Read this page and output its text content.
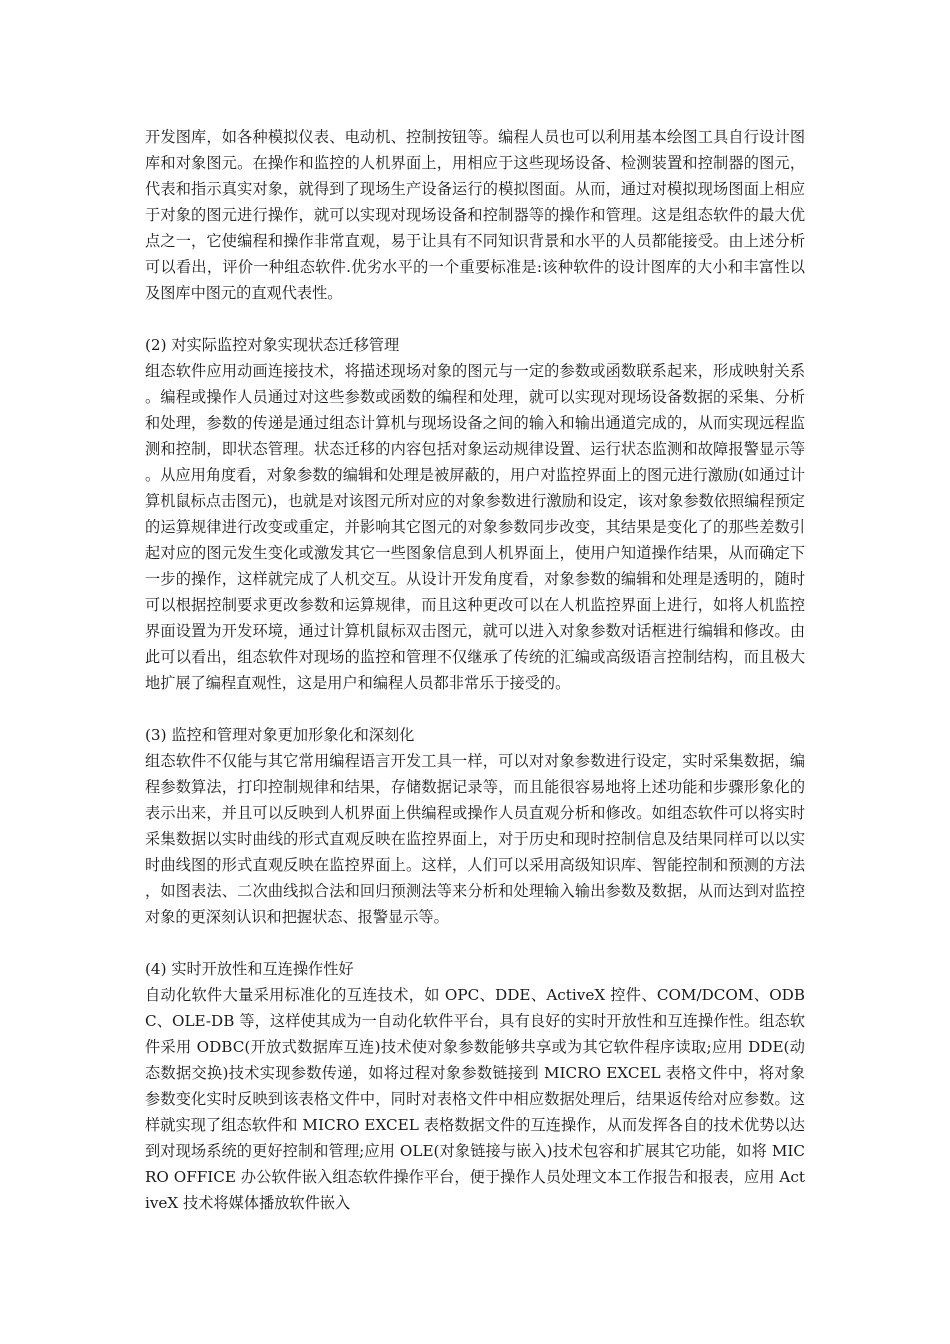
开发图库，如各种模拟仪表、电动机、控制按钮等。编程人员也可以利用基本绘图工具自行设计图库和对象图元。在操作和监控的人机界面上，用相应于这些现场设备、检测装置和控制器的图元，代表和指示真实对象，就得到了现场生产设备运行的模拟图面。从而，通过对模拟现场图面上相应于对象的图元进行操作，就可以实现对现场设备和控制器等的操作和管理。这是组态软件的最大优点之一，它使编程和操作非常直观，易于让具有不同知识背景和水平的人员都能接受。由上述分析可以看出，评价一种组态软件.优劣水平的一个重要标准是:该种软件的设计图库的大小和丰富性以及图库中图元的直观代表性。

(2) 对实际监控对象实现状态迁移管理

组态软件应用动画连接技术，将描述现场对象的图元与一定的参数或函数联系起来，形成映射关系。编程或操作人员通过对这些参数或函数的编程和处理，就可以实现对现场设备数据的采集、分析和处理，参数的传递是通过组态计算机与现场设备之间的输入和输出通道完成的，从而实现远程监测和控制，即状态管理。状态迁移的内容包括对象运动规律设置、运行状态监测和故障报警显示等。从应用角度看，对象参数的编辑和处理是被屏蔽的，用户对监控界面上的图元进行激励(如通过计算机鼠标点击图元)，也就是对该图元所对应的对象参数进行激励和设定，该对象参数依照编程预定的运算规律进行改变或重定，并影响其它图元的对象参数同步改变，其结果是变化了的那些差数引起对应的图元发生变化或激发其它一些图象信息到人机界面上，使用户知道操作结果，从而确定下一步的操作，这样就完成了人机交互。从设计开发角度看，对象参数的编辑和处理是透明的，随时可以根据控制要求更改参数和运算规律，而且这种更改可以在人机监控界面上进行，如将人机监控界面设置为开发环境，通过计算机鼠标双击图元，就可以进入对象参数对话框进行编辑和修改。由此可以看出，组态软件对现场的监控和管理不仅继承了传统的汇编或高级语言控制结构，而且极大地扩展了编程直观性，这是用户和编程人员都非常乐于接受的。

(3) 监控和管理对象更加形象化和深刻化

组态软件不仅能与其它常用编程语言开发工具一样，可以对对象参数进行设定，实时采集数据，编程参数算法，打印控制规律和结果，存储数据记录等，而且能很容易地将上述功能和步骤形象化的表示出来，并且可以反映到人机界面上供编程或操作人员直观分析和修改。如组态软件可以将实时采集数据以实时曲线的形式直观反映在监控界面上，对于历史和现时控制信息及结果同样可以以实时曲线图的形式直观反映在监控界面上。这样，人们可以采用高级知识库、智能控制和预测的方法，如图表法、二次曲线拟合法和回归预测法等来分析和处理输入输出参数及数据，从而达到对监控对象的更深刻认识和把握状态、报警显示等。

(4) 实时开放性和互连操作性好

自动化软件大量采用标准化的互连技术，如 OPC、DDE、ActiveX 控件、COM/DCOM、ODBC、OLE-DB 等，这样使其成为一自动化软件平台，具有良好的实时开放性和互连操作性。组态软件采用 ODBC(开放式数据库互连)技术使对象参数能够共享或为其它软件程序读取;应用 DDE(动态数据交换)技术实现参数传递，如将过程对象参数链接到 MICRO EXCEL 表格文件中，将对象参数变化实时反映到该表格文件中，同时对表格文件中相应数据处理后，结果返传给对应参数。这样就实现了组态软件和 MICRO EXCEL 表格数据文件的互连操作，从而发挥各自的技术优势以达到对现场系统的更好控制和管理;应用 OLE(对象链接与嵌入)技术包容和扩展其它功能，如将 MICRO OFFICE 办公软件嵌入组态软件操作平台，便于操作人员处理文本工作报告和报表，应用 ActiveX 技术将媒体播放软件嵌入
